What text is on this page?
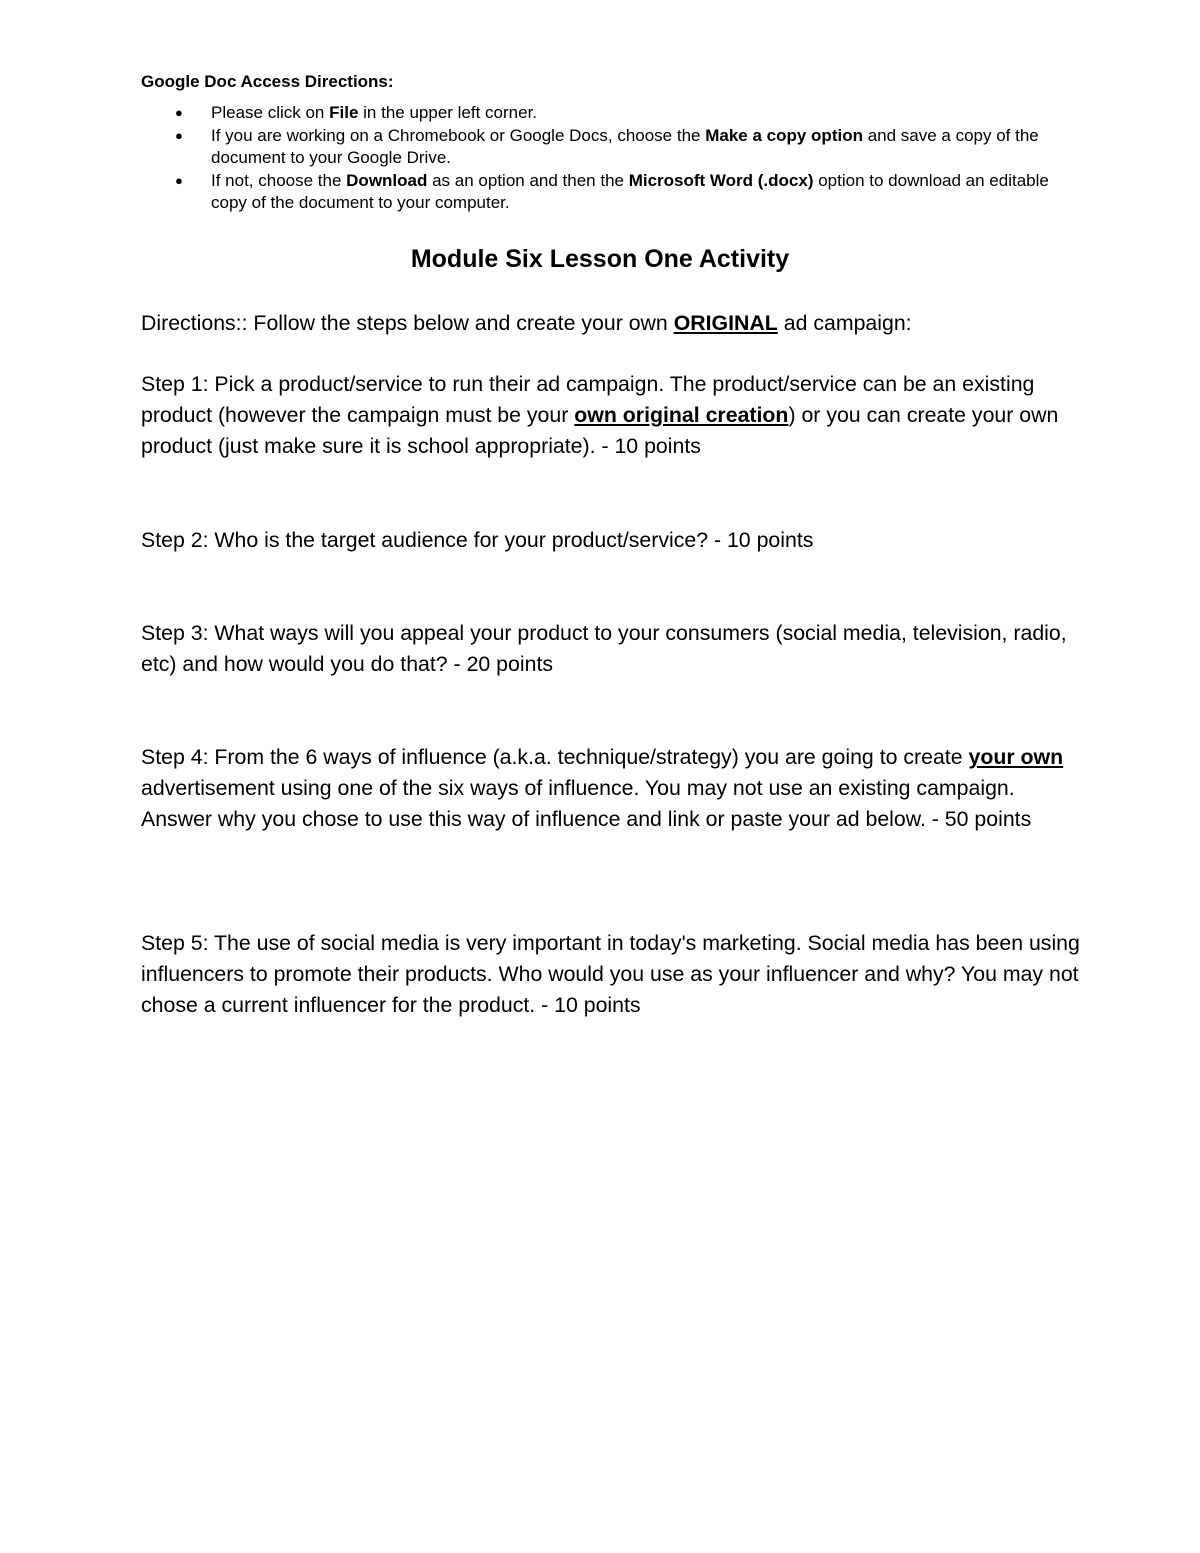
Google Doc Access Directions:
● Please click on File in the upper left corner.
● If you are working on a Chromebook or Google Docs, choose the Make a copy option and save a copy of the document to your Google Drive.
● If not, choose the Download as an option and then the Microsoft Word (.docx) option to download an editable copy of the document to your computer.
Module Six Lesson One Activity

Directions:: Follow the steps below and create your own ORIGINAL ad campaign:

Step 1: Pick a product/service to run their ad campaign. The product/service can be an existing product (however the campaign must be your own original creation) or you can create your own product (just make sure it is school appropriate). - 10 points

Step 2: Who is the target audience for your product/service? - 10 points

Step 3: What ways will you appeal your product to your consumers (social media, television, radio, etc) and how would you do that? - 20 points

Step 4: From the 6 ways of influence (a.k.a. technique/strategy) you are going to create your own advertisement using one of the six ways of influence. You may not use an existing campaign. Answer why you chose to use this way of influence and link or paste your ad below. - 50 points

Step 5: The use of social media is very important in today's marketing. Social media has been using influencers to promote their products. Who would you use as your influencer and why? You may not chose a current influencer for the product. - 10 points
